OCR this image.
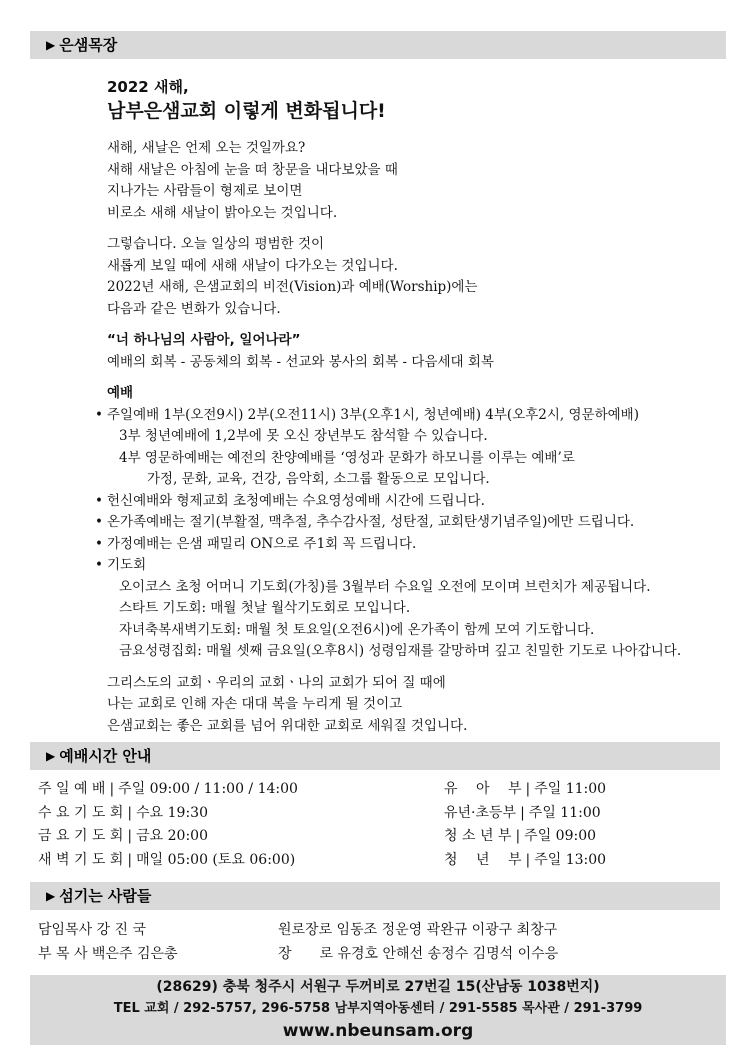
▶ 은샘목장
2022 새해,
남부은샘교회 이렇게 변화됩니다!
새해, 새날은 언제 오는 것일까요?
새해 새날은 아침에 눈을 떠 창문을 내다보았을 때
지나가는 사람들이 형제로 보이면
비로소 새해 새날이 밝아오는 것입니다.
그렇습니다. 오늘 일상의 평범한 것이
새롭게 보일 때에 새해 새날이 다가오는 것입니다.
2022년 새해, 은샘교회의 비전(Vision)과 예배(Worship)에는
다음과 같은 변화가 있습니다.
“너 하나님의 사람아, 일어나라”
예배의 회복 - 공동체의 회복 - 선교와 봉사의 회복 - 다음세대 회복
예배
• 주일예배 1부(오전9시) 2부(오전11시) 3부(오후1시, 청년예배) 4부(오후2시, 영문하예배)
3부 청년예배에 1,2부에 못 오신 장년부도 참석할 수 있습니다.
4부 영문하예배는 예전의 찬양예배를 ‘영성과 문화가 하모니를 이루는 예배’로
가정, 문화, 교육, 건강, 음악회, 소그룹 활동으로 모입니다.
• 헌신예배와 형제교회 초청예배는 수요영성예배 시간에 드립니다.
• 온가족예배는 절기(부활절, 맥추절, 추수감사절, 성탄절, 교회탄생기념주일)에만 드립니다.
• 가정예배는 은샘 패밀리 ON으로 주1회 꼭 드립니다.
• 기도회
오이코스 초청 어머니 기도회(가칭)를 3월부터 수요일 오전에 모이며 브런치가 제공됩니다.
스타트 기도회: 매월 첫날 월삭기도회로 모입니다.
자녀축복새벽기도회: 매월 첫 토요일(오전6시)에 온가족이 함께 모여 기도합니다.
금요성령집회: 매월 셋째 금요일(오후8시) 성령임재를 갈망하며 깊고 친밀한 기도로 나아갑니다.
그리스도의 교회ㆍ우리의 교회ㆍ나의 교회가 되어 질 때에
나는 교회로 인해 자손 대대 복을 누리게 될 것이고
은샘교회는 좋은 교회를 넘어 위대한 교회로 세워질 것입니다.
▶ 예배시간 안내
주 일 예 배 | 주일 09:00 / 11:00 / 14:00
수 요 기 도 회 | 수요 19:30
금 요 기 도 회 | 금요 20:00
새 벽 기 도 회 | 매일 05:00 (토요 06:00)
유　 아　 부 | 주일 11:00
유년·초등부 | 주일 11:00
청 소 년 부 | 주일 09:00
청　 년　 부 | 주일 13:00
▶ 섬기는 사람들
담임목사 강 진 국	원로장로 임동조 정운영 곽완규 이광구 최창구
부 목 사 백은주 김은총	장　　로 유경호 안해선 송정수 김명석 이수응
(28629) 충북 청주시 서원구 두꺼비로 27번길 15(산남동 1038번지)
TEL 교회 / 292-5757, 296-5758 남부지역아동센터 / 291-5585 목사관 / 291-3799
www.nbeunsam.org
